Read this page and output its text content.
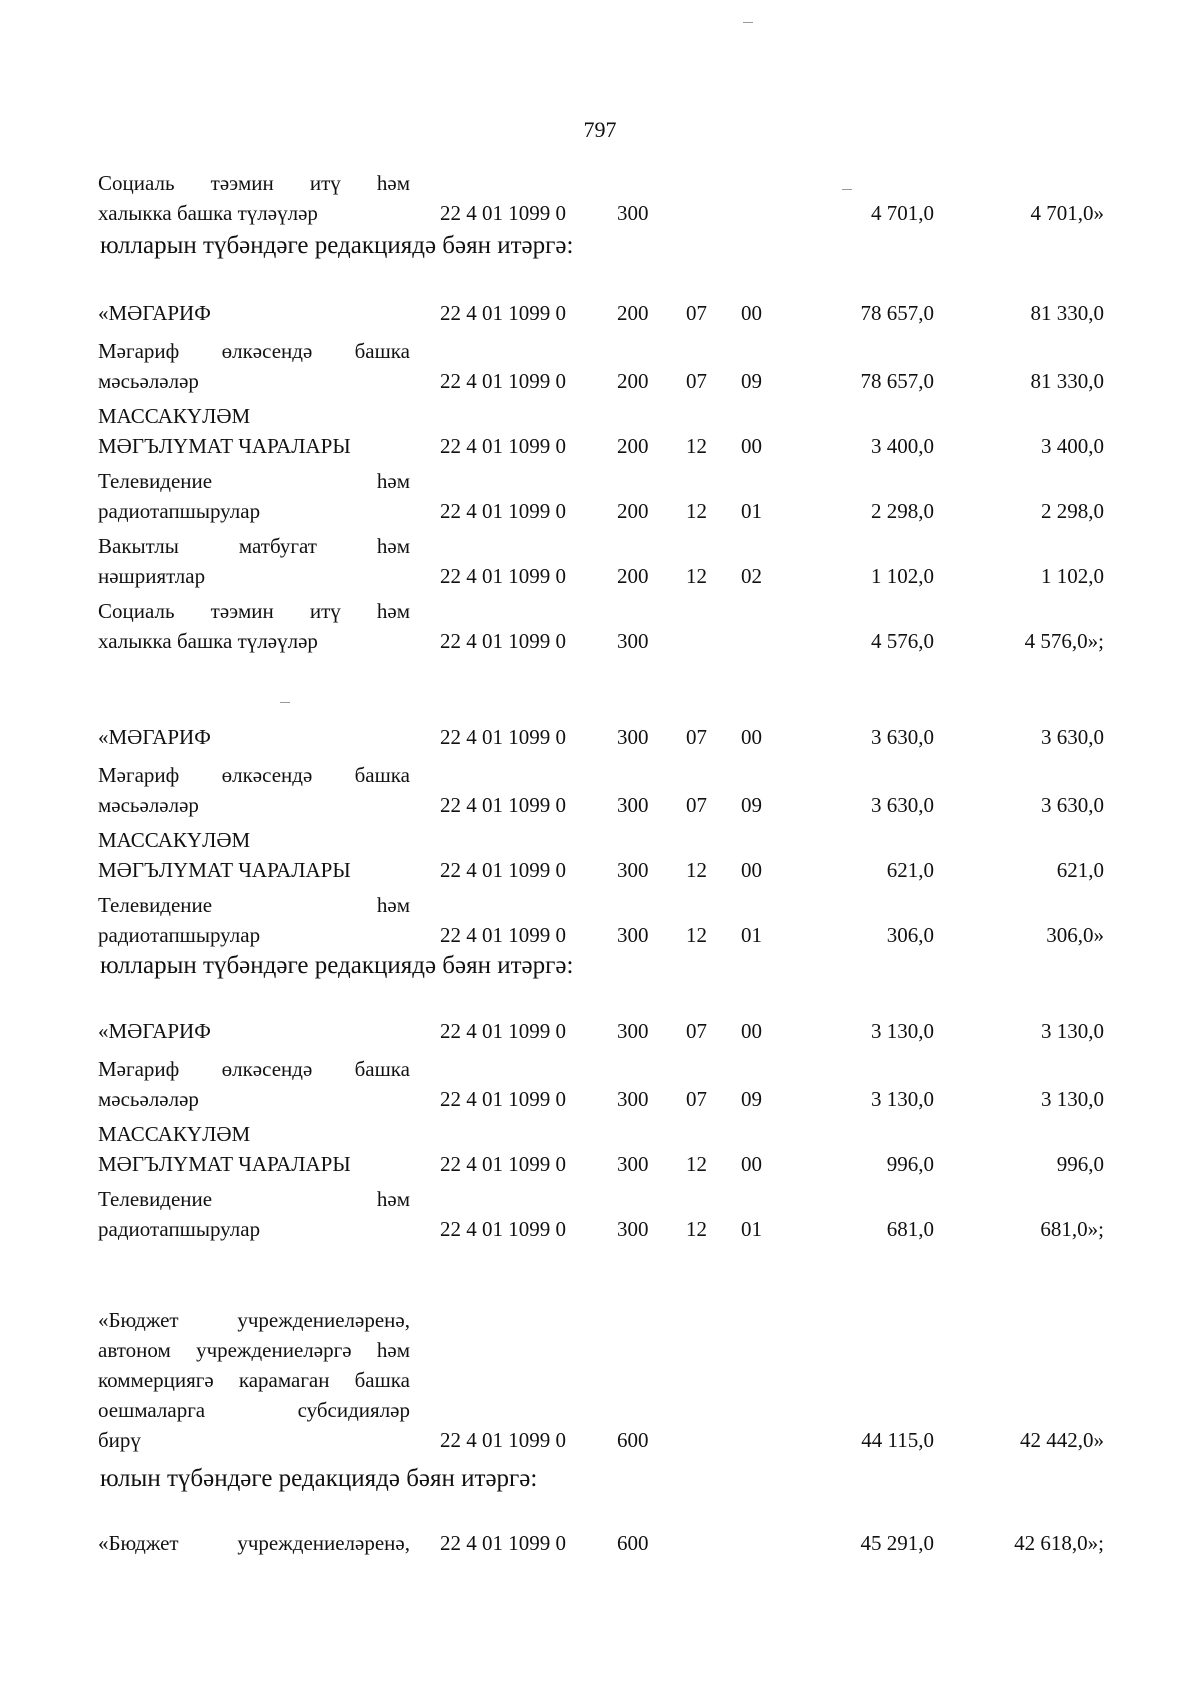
797
Социаль тәэмин итү һәм
халыкка башка түләүләр	22 4 01 1099 0 300	4 701,0	4 701,0»
юлларын түбәндәге редакциядә бәян итәргә:
«МӘГАРИФ	22 4 01 1099 0 200 07 00	78 657,0	81 330,0
Мәгариф өлкәсендә башка
мәсьәләләр	22 4 01 1099 0 200 07 09	78 657,0	81 330,0
МАССАКҮЛӘМ
МӘГЪЛҮМАТ ЧАРАЛАРЫ	22 4 01 1099 0 200 12 00	3 400,0	3 400,0
Телевидение һәм
радиотапшырулар	22 4 01 1099 0 200 12 01	2 298,0	2 298,0
Вакытлы матбугат һәм
нәшриятлар	22 4 01 1099 0 200 12 02	1 102,0	1 102,0
Социаль тәэмин итү һәм
халыкка башка түләүләр	22 4 01 1099 0 300	4 576,0	4 576,0»;
«МӘГАРИФ	22 4 01 1099 0 300 07 00	3 630,0	3 630,0
Мәгариф өлкәсендә башка
мәсьәләләр	22 4 01 1099 0 300 07 09	3 630,0	3 630,0
МАССАКҮЛӘМ
МӘГЪЛҮМАТ ЧАРАЛАРЫ	22 4 01 1099 0 300 12 00	621,0	621,0
Телевидение һәм
радиотапшырулар	22 4 01 1099 0 300 12 01	306,0	306,0»
юлларын түбәндәге редакциядә бәян итәргә:
«МӘГАРИФ	22 4 01 1099 0 300 07 00	3 130,0	3 130,0
Мәгариф өлкәсендә башка
мәсьәләләр	22 4 01 1099 0 300 07 09	3 130,0	3 130,0
МАССАКҮЛӘМ
МӘГЪЛҮМАТ ЧАРАЛАРЫ	22 4 01 1099 0 300 12 00	996,0	996,0
Телевидение һәм
радиотапшырулар	22 4 01 1099 0 300 12 01	681,0	681,0»;
«Бюджет учреждениеләренә,
автоном учреждениеләргә һәм
коммерциягә карамаган башка
оешмаларга субсидияләр
бирү	22 4 01 1099 0 600	44 115,0	42 442,0»
юлын түбәндәге редакциядә бәян итәргә:
«Бюджет учреждениеләренә, 22 4 01 1099 0 600	45 291,0	42 618,0»;
